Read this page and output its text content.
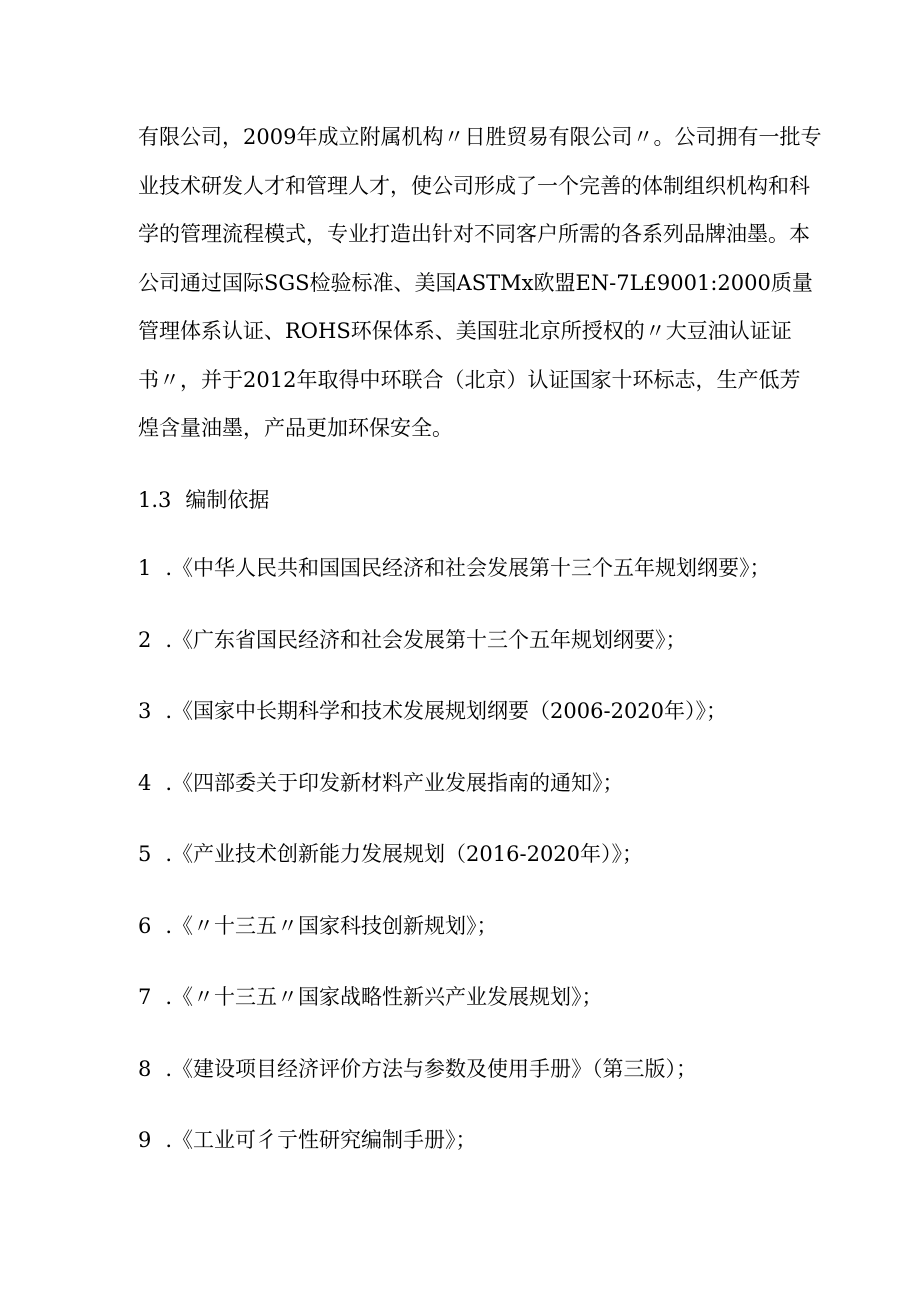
有限公司，2009年成立附属机构〃日胜贸易有限公司〃。公司拥有一批专
业技术研发人才和管理人才，使公司形成了一个完善的体制组织机构和科
学的管理流程模式，专业打造出针对不同客户所需的各系列品牌油墨。本
公司通过国际SGS检验标准、美国ASTMx欧盟EN-7L£9001:2000质量
管理体系认证、ROHS环保体系、美国驻北京所授权的〃大豆油认证证
书〃，并于2012年取得中环联合（北京）认证国家十环标志，生产低芳
煌含量油墨，产品更加环保安全。

1.3 编制依据
1 .《中华人民共和国国民经济和社会发展第十三个五年规划纲要》；
2 .《广东省国民经济和社会发展第十三个五年规划纲要》；
3 .《国家中长期科学和技术发展规划纲要（2006-2020年）》；
4 .《四部委关于印发新材料产业发展指南的通知》；
5 .《产业技术创新能力发展规划（2016-2020年）》；
6 .《〃十三五〃国家科技创新规划》；
7 .《〃十三五〃国家战略性新兴产业发展规划》；
8 .《建设项目经济评价方法与参数及使用手册》（第三版）；
9 .《工业可彳亍性研究编制手册》；
